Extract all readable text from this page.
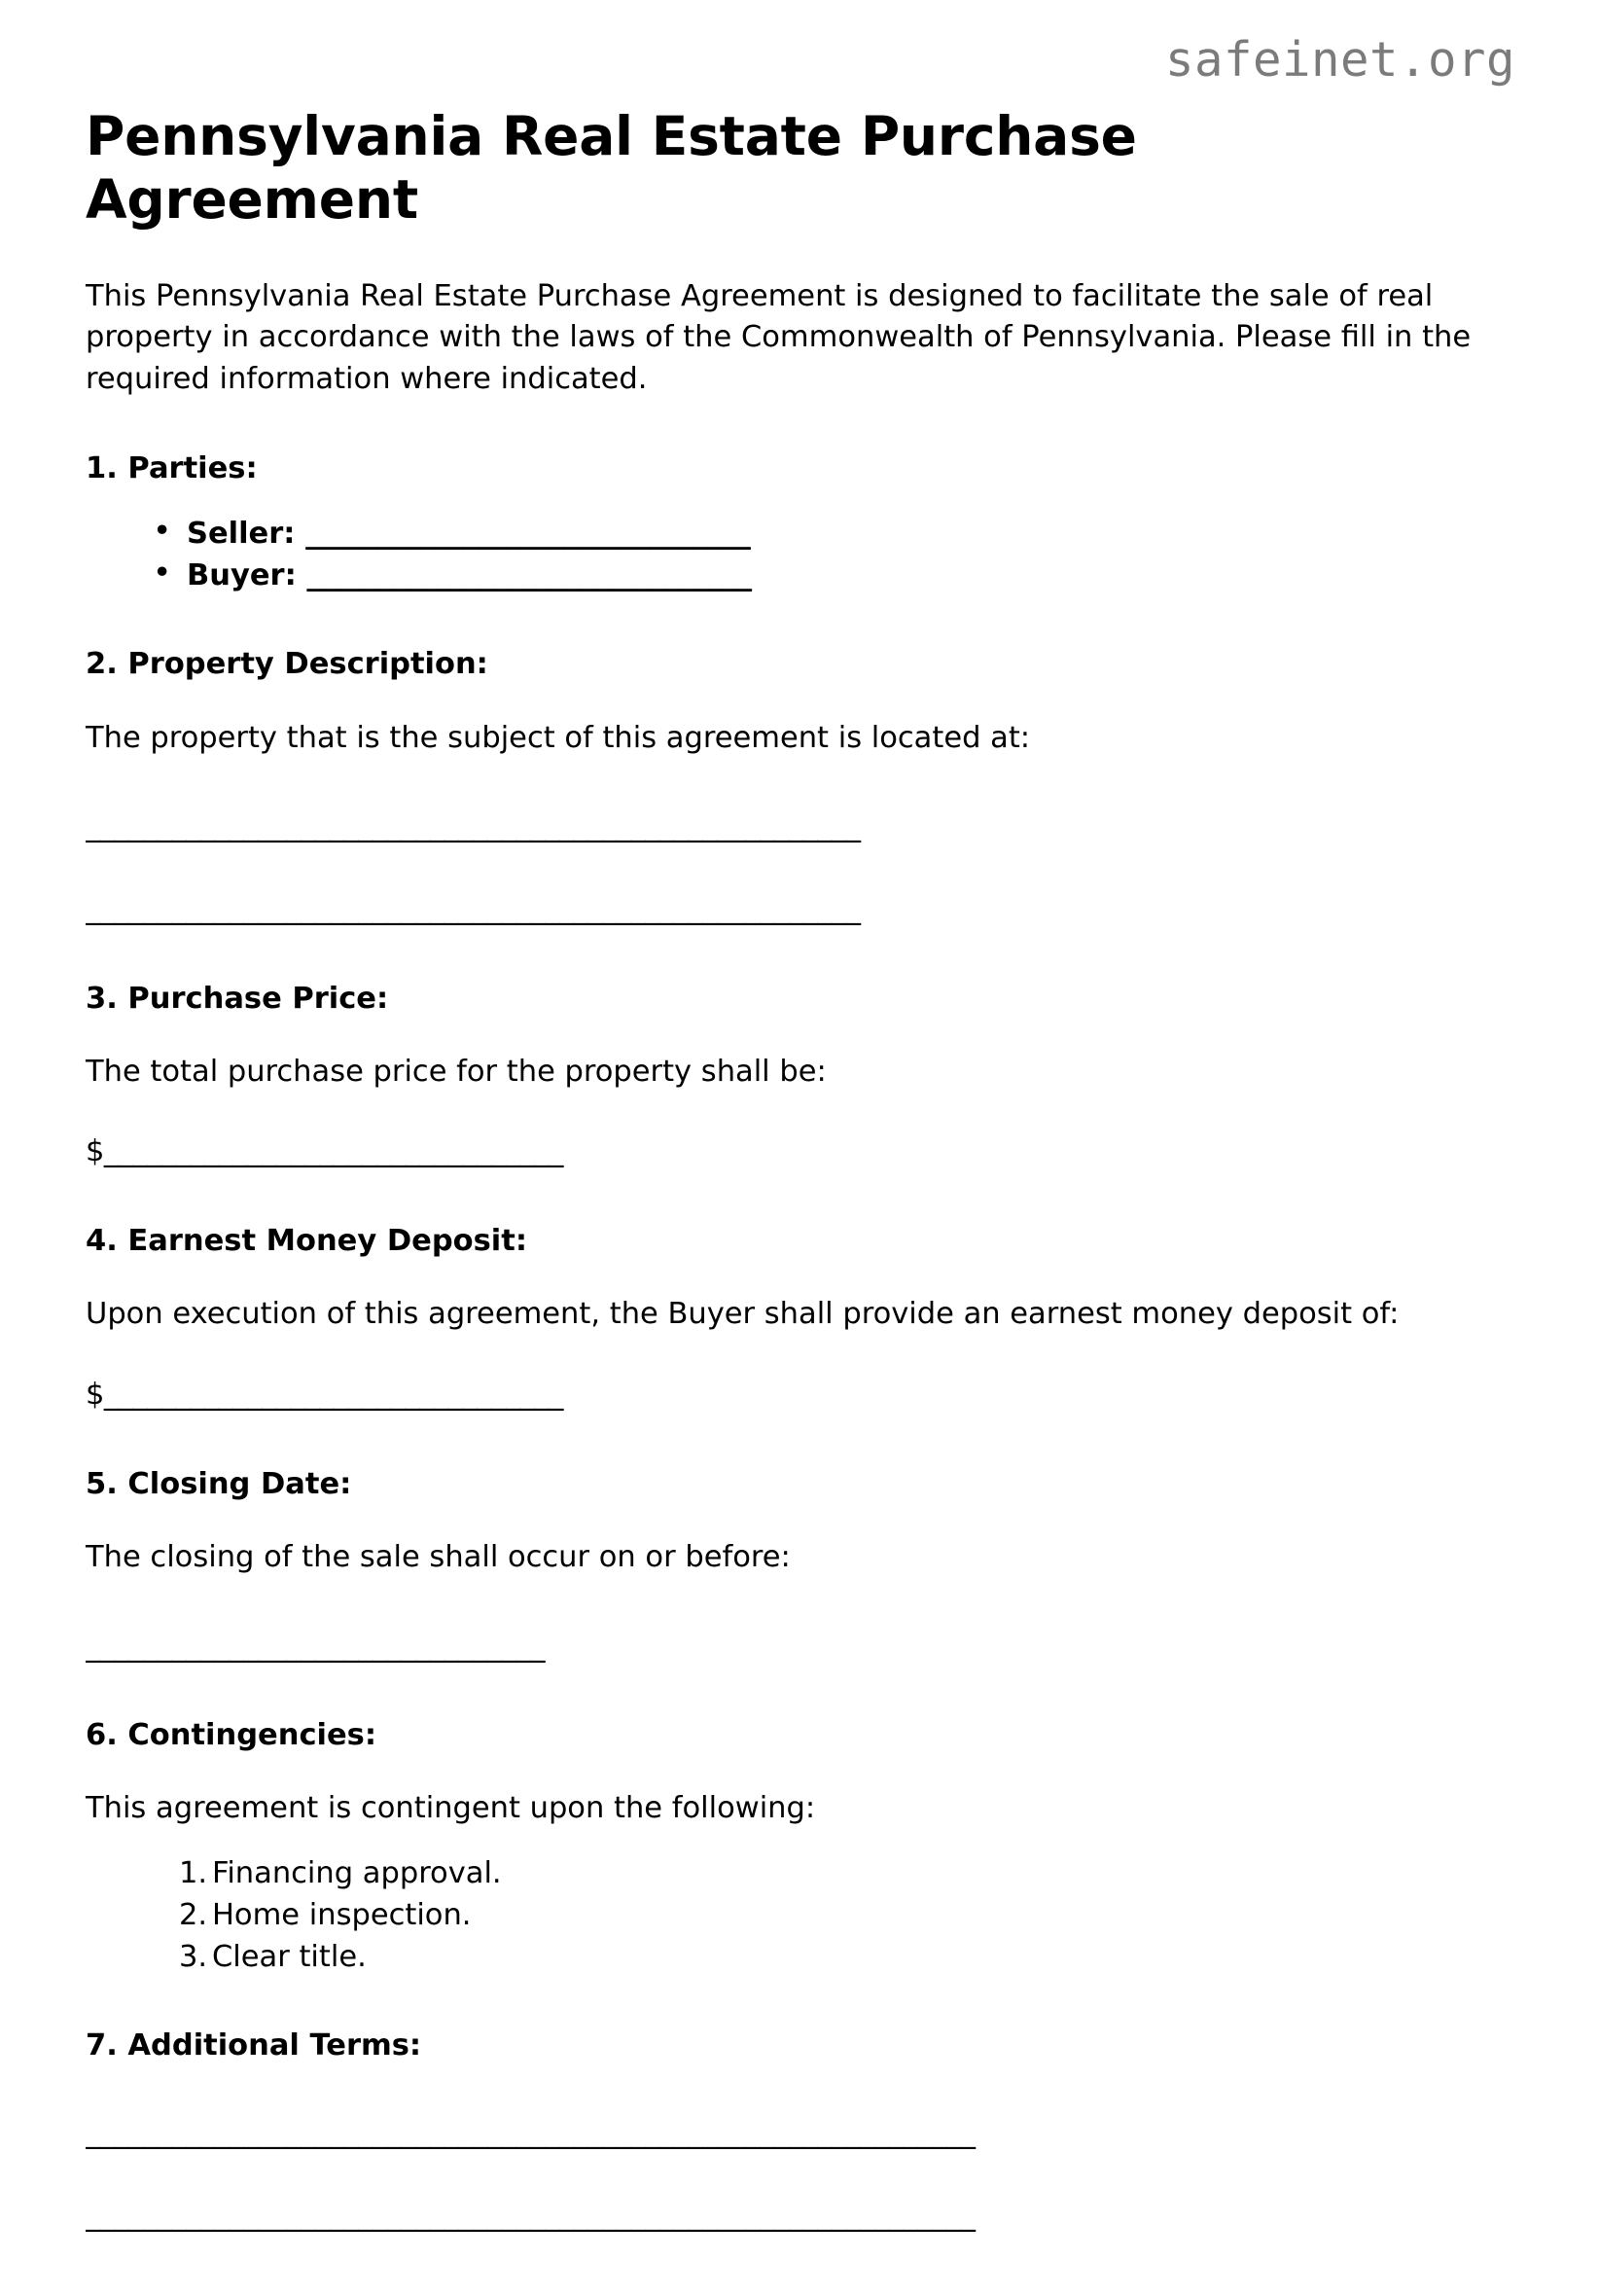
safeinet.org
Pennsylvania Real Estate Purchase Agreement

This Pennsylvania Real Estate Purchase Agreement is designed to facilitate the sale of real property in accordance with the laws of the Commonwealth of Pennsylvania. Please fill in the required information where indicated.

1. Parties:
• Seller: _______________________________
• Buyer: _______________________________
2. Property Description:

The property that is the subject of this agreement is located at:

______________________________________________________
______________________________________________________
3. Purchase Price:

The total purchase price for the property shall be:

$________________________________
4. Earnest Money Deposit:

Upon execution of this agreement, the Buyer shall provide an earnest money deposit of:

$________________________________
5. Closing Date:

The closing of the sale shall occur on or before:

________________________________
6. Contingencies:

This agreement is contingent upon the following:

Financing approval.
Home inspection.
Clear title.
7. Additional Terms:
______________________________________________________________
______________________________________________________________
